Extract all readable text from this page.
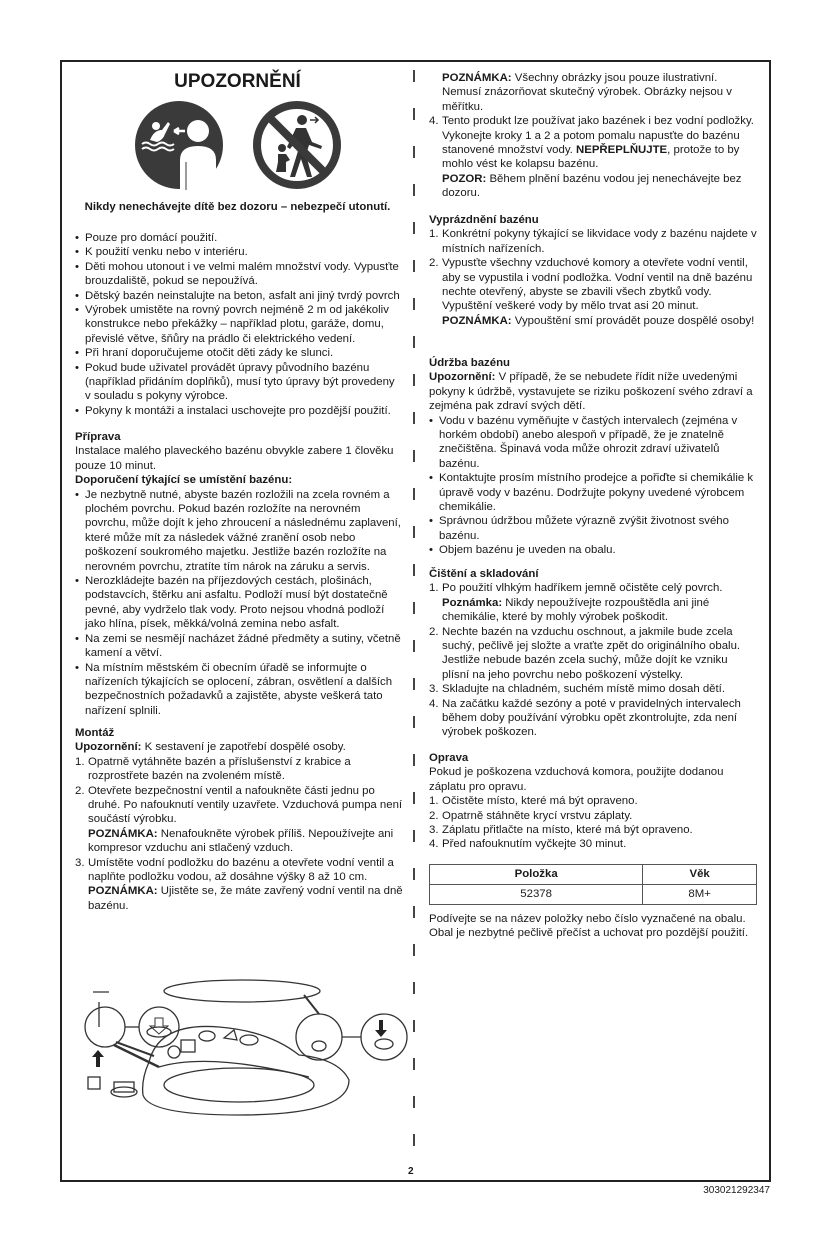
UPOZORNĚNÍ
Nikdy nenechávejte dítě bez dozoru – nebezpečí utonutí.

• Pouze pro domácí použití.

• K použití venku nebo v interiéru.

• Děti mohou utonout i ve velmi malém množství vody. Vypusťte brouzdaliště, pokud se nepoužívá.

• Dětský bazén neinstalujte na beton, asfalt ani jiný tvrdý povrch

• Výrobek umistěte na rovný povrch nejméně 2 m od jakékoliv konstrukce nebo překážky – například plotu, garáže, domu, převislé větve, šňůry na prádlo či elektrického vedení.

• Při hraní doporučujeme otočit děti zády ke slunci.

• Pokud bude uživatel provádět úpravy původního bazénu (například přidáním doplňků), musí tyto úpravy být provedeny v souladu s pokyny výrobce.

• Pokyny k montáži a instalaci uschovejte pro pozdější použití.

Příprava

Instalace malého plaveckého bazénu obvykle zabere 1 člověku pouze 10 minut.

Doporučení týkající se umístění bazénu:

• Je nezbytně nutné, abyste bazén rozložili na zcela rovném a plochém povrchu. Pokud bazén rozložíte na nerovném povrchu, může dojít k jeho zhroucení a následnému zaplavení, které může mít za následek vážné zranění osob nebo poškození soukromého majetku. Jestliže bazén rozložíte na nerovném povrchu, ztratíte tím nárok na záruku a servis.

• Nerozkládejte bazén na příjezdových cestách, plošinách, podstavcích, štěrku ani asfaltu. Podloží musí být dostatečně pevné, aby vydrželo tlak vody. Proto nejsou vhodná podloží jako hlína, písek, měkká/volná zemina nebo asfalt.

• Na zemi se nesmějí nacházet žádné předměty a sutiny, včetně kamení a větví.

• Na místním městském či obecním úřadě se informujte o nařízeních týkajících se oplocení, zábran, osvětlení a dalších bezpečnostních požadavků a zajistěte, abyste veškerá tato nařízení splnili.

Montáž

Upozornění: K sestavení je zapotřebí dospělé osoby.

1. Opatrně vytáhněte bazén a příslušenství z krabice a rozprostřete bazén na zvoleném místě.

2. Otevřete bezpečnostní ventil a nafoukněte části jednu po druhé. Po nafouknutí ventily uzavřete. Vzduchová pumpa není součástí výrobku.

POZNÁMKA: Nenafoukněte výrobek příliš. Nepoužívejte ani kompresor vzduchu ani stlačený vzduch.

3. Umístěte vodní podložku do bazénu a otevřete vodní ventil a naplňte podložku vodou, až dosáhne výšky 8 až 10 cm.

POZNÁMKA: Ujistěte se, že máte zavřený vodní ventil na dně bazénu.

POZNÁMKA: Všechny obrázky jsou pouze ilustrativní. Nemusí znázorňovat skutečný výrobek. Obrázky nejsou v měřítku.

4. Tento produkt lze používat jako bazének i bez vodní podložky. Vykonejte kroky 1 a 2 a potom pomalu napusťte do bazénu stanovené množství vody. NEPŘEPLŇUJTE, protože to by mohlo vést ke kolapsu bazénu.

POZOR: Během plnění bazénu vodou jej nenechávejte bez dozoru.

Vyprázdnění bazénu

1. Konkrétní pokyny týkající se likvidace vody z bazénu najdete v místních nařízeních.

2. Vypusťte všechny vzduchové komory a otevřete vodní ventil, aby se vypustila i vodní podložka. Vodní ventil na dně bazénu nechte otevřený, abyste se zbavili všech zbytků vody. Vypuštění veškeré vody by mělo trvat asi 20 minut.

POZNÁMKA: Vypouštění smí provádět pouze dospělé osoby!

Údržba bazénu

Upozornění: V případě, že se nebudete řídit níže uvedenými pokyny k údržbě, vystavujete se riziku poškození svého zdraví a zejména pak zdraví svých dětí.

• Vodu v bazénu vyměňujte v častých intervalech (zejména v horkém období) anebo alespoň v případě, že je znatelně znečištěna. Špinavá voda může ohrozit zdraví uživatelů bazénu.

• Kontaktujte prosím místního prodejce a pořiďte si chemikálie k úpravě vody v bazénu. Dodržujte pokyny uvedené výrobcem chemikálie.

• Správnou údržbou můžete výrazně zvýšit životnost svého bazénu.

• Objem bazénu je uveden na obalu.

Čištění a skladování

1. Po použití vlhkým hadříkem jemně očistěte celý povrch.

Poznámka: Nikdy nepoužívejte rozpouštědla ani jiné chemikálie, které by mohly výrobek poškodit.

2. Nechte bazén na vzduchu oschnout, a jakmile bude zcela suchý, pečlivě jej složte a vraťte zpět do originálního obalu. Jestliže nebude bazén zcela suchý, může dojít ke vzniku plísní na jeho povrchu nebo poškození výstelky.

3. Skladujte na chladném, suchém místě mimo dosah dětí.

4. Na začátku každé sezóny a poté v pravidelných intervalech během doby používání výrobku opět zkontrolujte, zda není výrobek poškozen.

Oprava

Pokud je poškozena vzduchová komora, použijte dodanou záplatu pro opravu.

1. Očistěte místo, které má být opraveno.

2. Opatrně stáhněte krycí vrstvu záplaty.

3. Záplatu přitlačte na místo, které má být opraveno.

4. Před nafouknutím vyčkejte 30 minut.

Položka	Věk
52378	8M+

Podívejte se na název položky nebo číslo vyznačené na obalu. Obal je nezbytné pečlivě přečíst a uchovat pro pozdější použití.

2
303021292347
